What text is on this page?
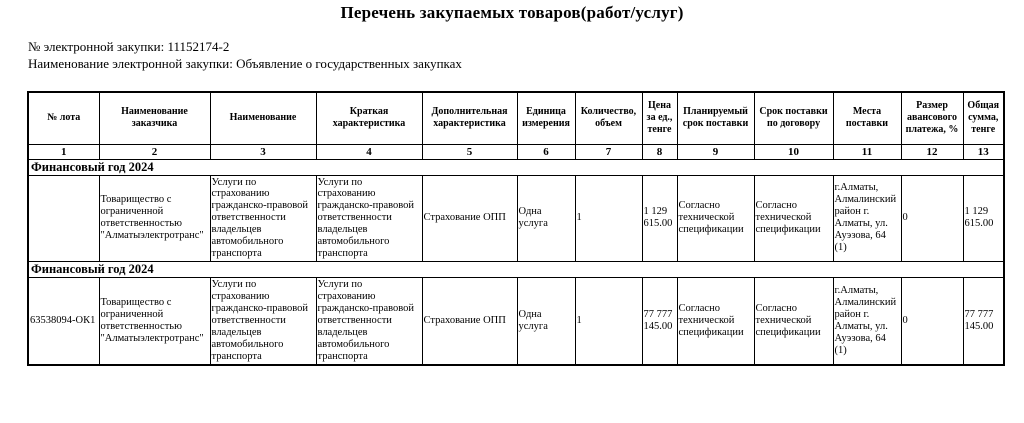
Перечень закупаемых товаров(работ/услуг)
№ электронной закупки: 11152174-2
Наименование электронной закупки: Объявление о государственных закупках
№ лота	Наименование заказчика	Наименование	Краткая характеристика	Дополнительная характеристика	Единица измерения	Количество, объем	Цена за ед., тенге	Планируемый срок поставки	Срок поставки по договору	Места поставки	Размер авансового платежа, %	Общая сумма, тенге
1	2	3	4	5	6	7	8	9	10	11	12	13
Финансовый год 2024												
	Товарищество с ограниченной ответственностью "Алматыэлектротранс"	Услуги по страхованию гражданско-правовой ответственности владельцев автомобильного транспорта	Услуги по страхованию гражданско-правовой ответственности владельцев автомобильного транспорта	Страхование ОПП	Одна услуга	1	1 129 615.00	Согласно технической спецификации	Согласно технической спецификации	г.Алматы, Алмалинский район г. Алматы, ул. Ауэзова, 64 (1)	0	1 129 615.00
Финансовый год 2024												
63538094-ОК1	Товарищество с ограниченной ответственностью "Алматыэлектротранс"	Услуги по страхованию гражданско-правовой ответственности владельцев автомобильного транспорта	Услуги по страхованию гражданско-правовой ответственности владельцев автомобильного транспорта	Страхование ОПП	Одна услуга	1	77 777 145.00	Согласно технической спецификации	Согласно технической спецификации	г.Алматы, Алмалинский район г. Алматы, ул. Ауэзова, 64 (1)	0	77 777 145.00
